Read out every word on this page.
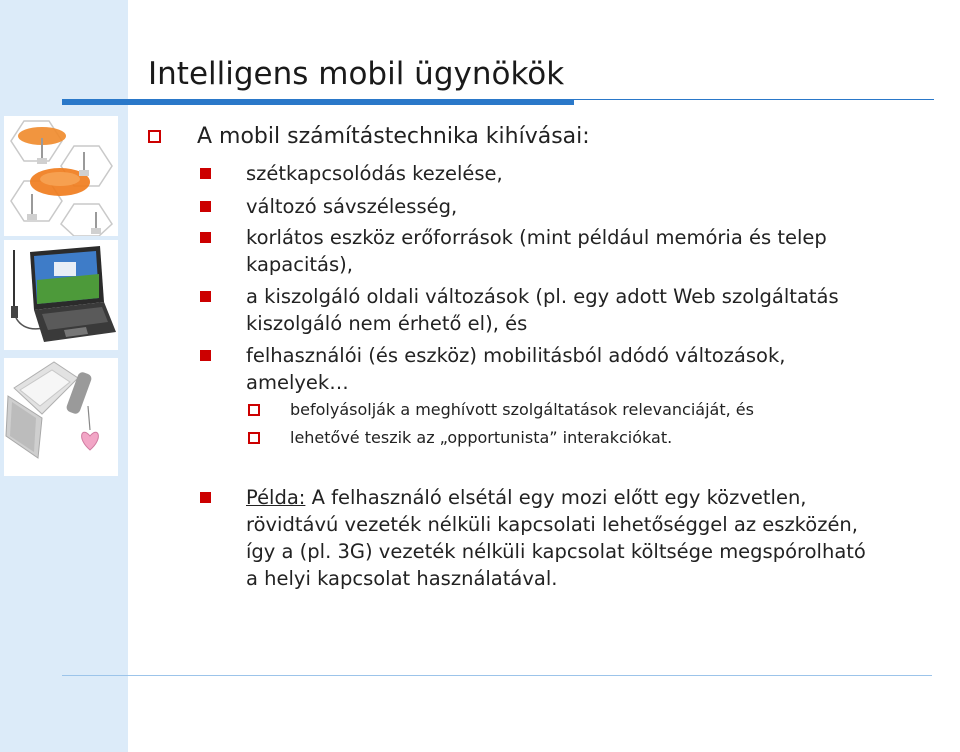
Intelligens mobil ügynökök
A mobil számítástechnika kihívásai:
szétkapcsolódás kezelése,
változó sávszélesség,
korlátos eszköz erőforrások (mint például memória és telep
kapacitás),
a kiszolgáló oldali változások (pl. egy adott Web szolgáltatás
kiszolgáló nem érhető el), és
felhasználói (és eszköz) mobilitásból adódó változások,
amelyek…
befolyásolják a meghívott szolgáltatások relevanciáját, és
lehetővé teszik az „opportunista” interakciókat.
Példa: A felhasználó elsétál egy mozi előtt egy közvetlen,
rövidtávú vezeték nélküli kapcsolati lehetőséggel az eszközén,
így a (pl. 3G) vezeték nélküli kapcsolat költsége megspórolható
a helyi kapcsolat használatával.
